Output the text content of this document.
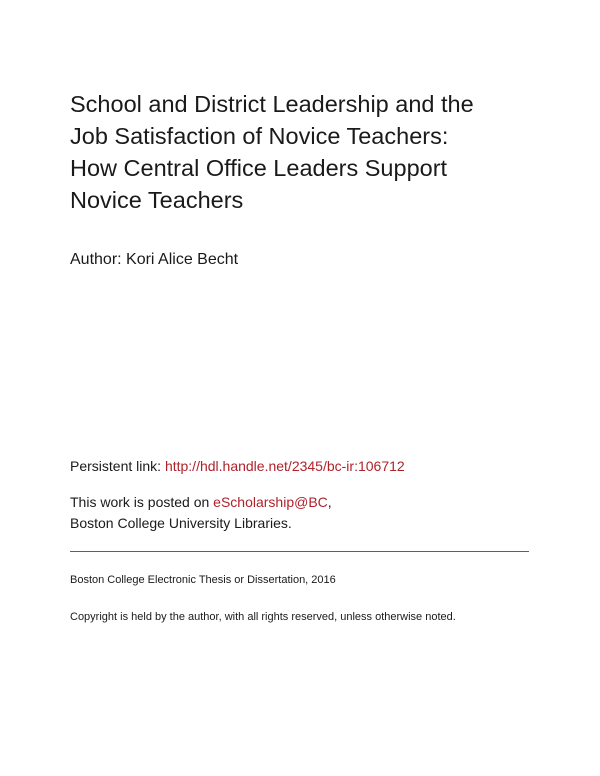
School and District Leadership and the
Job Satisfaction of Novice Teachers:
How Central Office Leaders Support
Novice Teachers
Author: Kori Alice Becht
Persistent link: http://hdl.handle.net/2345/bc-ir:106712
This work is posted on eScholarship@BC,
Boston College University Libraries.
Boston College Electronic Thesis or Dissertation, 2016
Copyright is held by the author, with all rights reserved, unless otherwise noted.
